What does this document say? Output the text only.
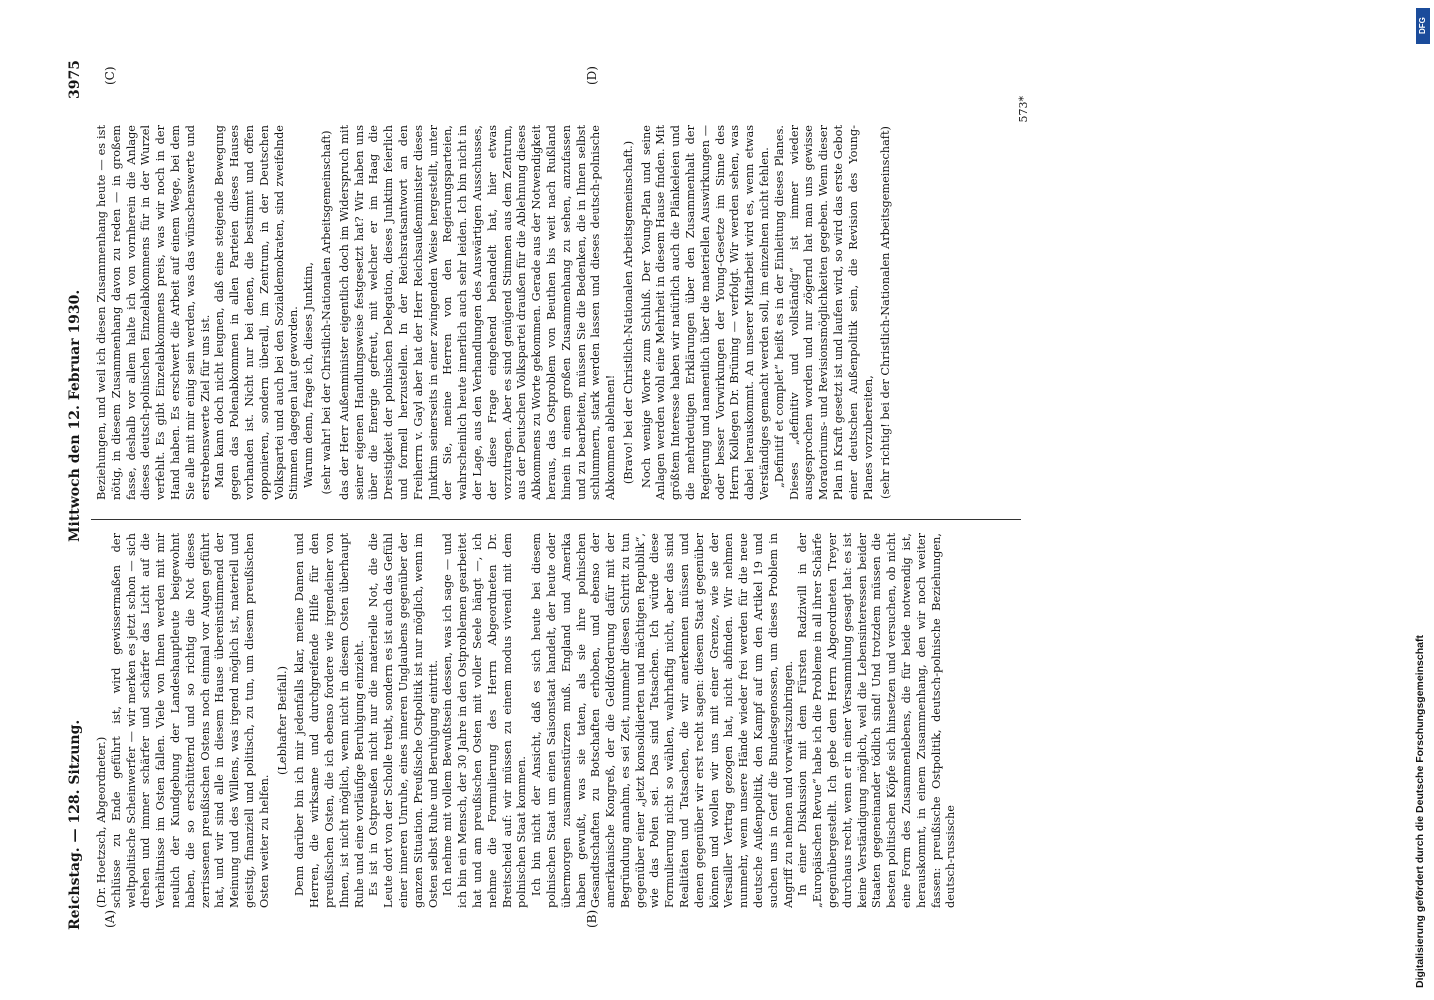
Reichstag. — 128. Sitzung.
Mittwoch den 12. Februar 1930.
3975
(A)	(B)
(C)	(D)

(Dr. Hoetzsch, Abgeordneter.) schlüsse zu Ende geführt ist, wird gewissermaßen der weltpolitische Scheinwerfer — wir merken es jetzt schon — sich drehen und immer schärfer und schärfer das Licht auf die Verhältnisse im Osten fallen. Viele von Ihnen werden mit mir neulich der Kundgebung der Landeshauptleute beigewohnt haben, die so erschütternd und so richtig die Not dieses zerrissenen preußischen Ostens noch einmal vor Augen geführt hat, und wir sind alle in diesem Hause übereinstimmend der Meinung und des Willens, was irgend möglich ist, materiell und geistig, finanziell und politisch, zu tun, um diesem preußischen Osten weiter zu helfen.

(Lebhafter Beifall.) Denn darüber bin ich mir jedenfalls klar, meine Damen und Herren, die wirksame und durchgreifende Hilfe für den preußischen Osten, die ich ebenso fordere wie irgendeiner von Ihnen, ist nicht möglich, wenn nicht in diesem Osten überhaupt Ruhe und eine vorläufige Beruhigung einzieht. Es ist in Ostpreußen nicht nur die materielle Not, die die Leute dort von der Scholle treibt, sondern es ist auch das Gefühl einer inneren Unruhe, eines inneren Unglaubens gegenüber der ganzen Situation. Preußische Ostpolitik ist nur möglich, wenn im Osten selbst Ruhe und Beruhigung eintritt. Ich nehme mit vollem Bewußtsein dessen, was ich sage — und ich bin ein Mensch, der 30 Jahre in den Ostproblemen gearbeitet hat und am preußischen Osten mit voller Seele hängt —, ich nehme die Formulierung des Herrn Abgeordneten Dr. Breitscheid auf: wir müssen zu einem modus vivendi mit dem polnischen Staat kommen. Ich bin nicht der Ansicht, daß es sich heute bei diesem polnischen Staat um einen Saisonstaat handelt, der heute oder übermorgen zusammenstürzen muß. England und Amerika haben gewußt, was sie taten, als sie ihre polnischen Gesandtschaften zu Botschaften erhoben, und ebenso der amerikanische Kongreß, der die Geldforderung dafür mit der Begründung annahm, es sei Zeit, nunmehr diesen Schritt zu tun gegenüber einer „jetzt konsolidierten und mächtigen Republik“, wie das Polen sei. Das sind Tatsachen. Ich würde diese Formulierung nicht so wählen, wahrhaftig nicht, aber das sind Realitäten und Tatsachen, die wir anerkennen müssen und denen gegenüber wir erst recht sagen: diesem Staat gegenüber können und wollen wir uns mit einer Grenze, wie sie der Versailler Vertrag gezogen hat, nicht abfinden. Wir nehmen nunmehr, wenn unsere Hände wieder frei werden für die neue deutsche Außenpolitik, den Kampf auf um den Artikel 19 und suchen uns in Genf die Bundesgenossen, um dieses Problem in Angriff zu nehmen und vorwärtszubringen. In einer Diskussion mit dem Fürsten Radziwill in der „Europäischen Revue“ habe ich die Probleme in all ihrer Schärfe gegenübergestellt. Ich gebe dem Herrn Abgeordneten Treyer durchaus recht, wenn er in einer Versammlung gesagt hat: es ist keine Verständigung möglich, weil die Lebensinteressen beider Staaten gegeneinander tödlich sind! Und trotzdem müssen die besten politischen Köpfe sich hinsetzen und versuchen, ob nicht eine Form des Zusammenlebens, die für beide notwendig ist, herauskommt, in einem Zusammenhang, den wir noch weiter fassen: preußische Ostpolitik, deutsch-polnische Beziehungen, deutsch-russische

Beziehungen, und weil ich diesen Zusammenhang heute — es ist nötig, in diesem Zusammenhang davon zu reden — in großem fasse, deshalb vor allem halte ich von vornherein die Anlage dieses deutsch-polnischen Einzelabkommens für in der Wurzel verfehlt. Es gibt Einzelabkommens preis, was wir noch in der Hand haben. Es erschwert die Arbeit auf einem Wege, bei dem Sie alle mit mir einig sein werden, was das wünschenswerte und erstrebenswerte Ziel für uns ist. Man kann doch nicht leugnen, daß eine steigende Bewegung gegen das Polenabkommen in allen Parteien dieses Hauses vorhanden ist. Nicht nur bei denen, die bestimmt und offen opponieren, sondern überall, im Zentrum, in der Deutschen Volkspartei und auch bei den Sozialdemokraten, sind zweifelnde Stimmen dagegen laut geworden. Warum denn, frage ich, dieses Junktim, (sehr wahr! bei der Christlich-Nationalen Arbeitsgemeinschaft) das der Herr Außenminister eigentlich doch im Widerspruch mit seiner eigenen Handlungsweise festgesetzt hat? Wir haben uns über die Energie gefreut, mit welcher er im Haag die Dreistigkeit der polnischen Delegation, dieses Junktim feierlich und formell herzustellen. In der Reichsratsantwort an den Freiherrn v. Gayl aber hat der Herr Reichsaußenminister dieses Junktim seinerseits in einer zwingenden Weise hergestellt, unter der Sie, meine Herren von den Regierungsparteien, wahrscheinlich heute innerlich auch sehr leiden. Ich bin nicht in der Lage, aus den Verhandlungen des Auswärtigen Ausschusses, der diese Frage eingehend behandelt hat, hier etwas vorzutragen. Aber es sind genügend Stimmen aus dem Zentrum, aus der Deutschen Volkspartei draußen für die Ablehnung dieses Abkommens zu Worte gekommen. Gerade aus der Notwendigkeit heraus, das Ostproblem von Beuthen bis weit nach Rußland hinein in einem großen Zusammenhang zu sehen, anzufassen und zu bearbeiten, müssen Sie die Bedenken, die in Ihnen selbst schlummern, stark werden lassen und dieses deutsch-polnische Abkommen ablehnen! (Bravo! bei der Christlich-Nationalen Arbeitsgemeinschaft.) Noch wenige Worte zum Schluß. Der Young-Plan und seine Anlagen werden wohl eine Mehrheit in diesem Hause finden. Mit größtem Interesse haben wir natürlich auch die Plänkeleien und die mehrdeutigen Erklärungen über den Zusammenhalt der Regierung und namentlich über die materiellen Auswirkungen — oder besser Vorwirkungen der Young-Gesetze im Sinne des Herrn Kollegen Dr. Brüning — verfolgt. Wir werden sehen, was dabei herauskommt. An unserer Mitarbeit wird es, wenn etwas Verständiges gemacht werden soll, im einzelnen nicht fehlen. „Definitif et complet“ heißt es in der Einleitung dieses Planes. Dieses „definitiv und vollständig“ ist immer wieder ausgesprochen worden und nur zögernd hat man uns gewisse Moratoriums- und Revisionsmöglichkeiten gegeben. Wenn dieser Plan in Kraft gesetzt ist und laufen wird, so wird das erste Gebot einer deutschen Außenpolitik sein, die Revision des Young-Planes vorzubereiten, (sehr richtig! bei der Christlich-Nationalen Arbeitsgemeinschaft)

573*
Digitalisierung gefördert durch die Deutsche Forschungsgemeinschaft
DFG
